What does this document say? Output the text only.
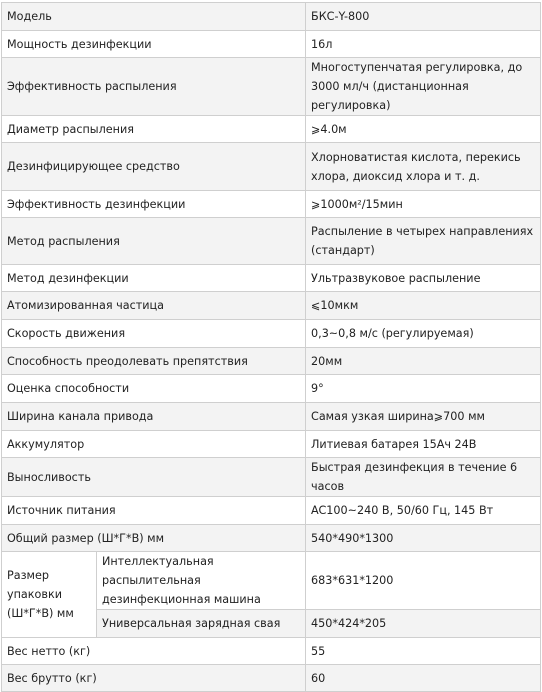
Модель		БКС-Y-800
Мощность дезинфекции		16л
Эффективность распыления		Многоступенчатая регулировка, до 3000 мл/ч (дистанционная регулировка)
Диаметр распыления		⩾4.0м
Дезинфицирующее средство		Хлорноватистая кислота, перекись хлора, диоксид хлора и т. д.
Эффективность дезинфекции		⩾1000м²/15мин
Метод распыления		Распыление в четырех направлениях (стандарт)
Метод дезинфекции		Ультразвуковое распыление
Атомизированная частица		⩽10мкм
Скорость движения		0,3~0,8 м/с (регулируемая)
Способность преодолевать препятствия		20мм
Оценка способности		9°
Ширина канала привода		Самая узкая ширина⩾700 мм
Аккумулятор		Литиевая батарея 15Ач 24В
Выносливость		Быстрая дезинфекция в течение 6 часов
Источник питания		AC100~240 В, 50/60 Гц, 145 Вт
Общий размер (Ш*Г*В) мм		540*490*1300
Размер упаковки (Ш*Г*В) мм	Интеллектуальная распылительная дезинфекционная машина	683*631*1200
	Универсальная зарядная свая	450*424*205
Вес нетто (кг)		55
Вес брутто (кг)		60
